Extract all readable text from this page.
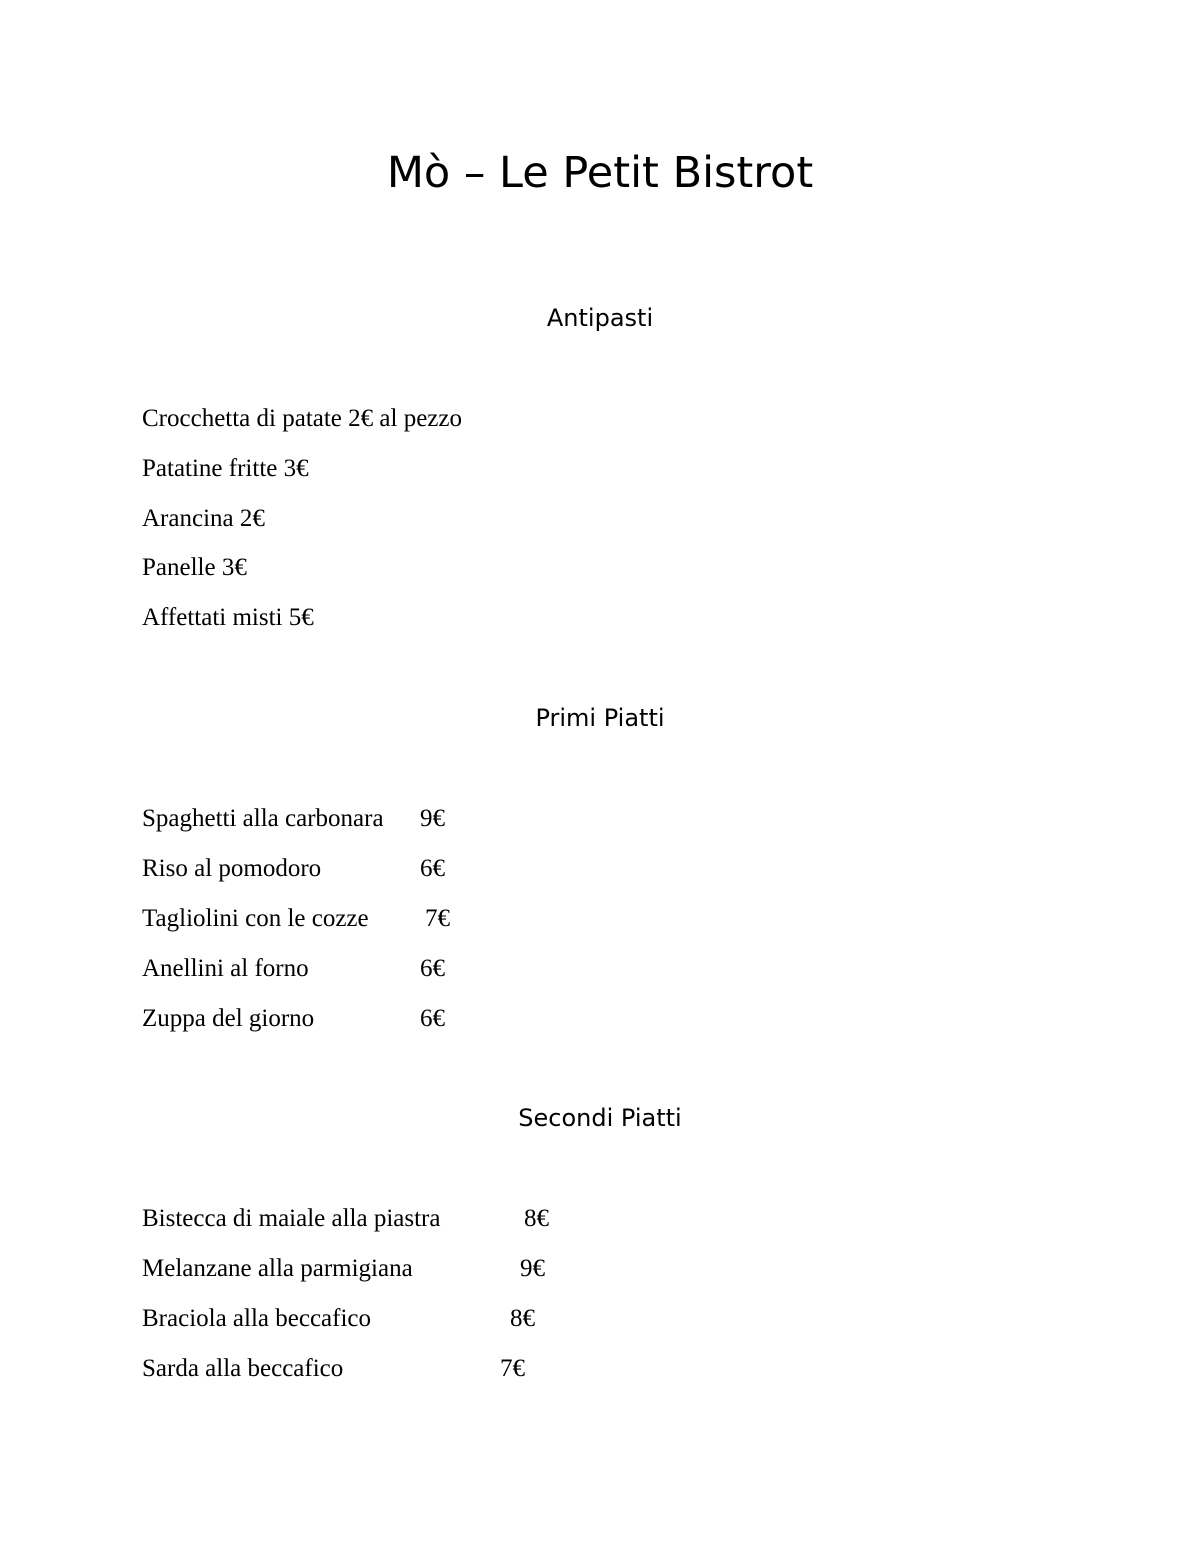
Mò – Le Petit Bistrot
Antipasti
Crocchetta di patate 2€ al pezzo
Patatine fritte 3€
Arancina 2€
Panelle 3€
Affettati misti 5€
Primi Piatti
Spaghetti alla carbonara 9€
Riso al pomodoro	6€
Tagliolini con le cozze 7€
Anellini al forno	6€
Zuppa del giorno	6€
Secondi Piatti
Bistecca di maiale alla piastra	8€
Melanzane alla parmigiana	9€
Braciola alla beccafico	8€
Sarda alla beccafico	7€
